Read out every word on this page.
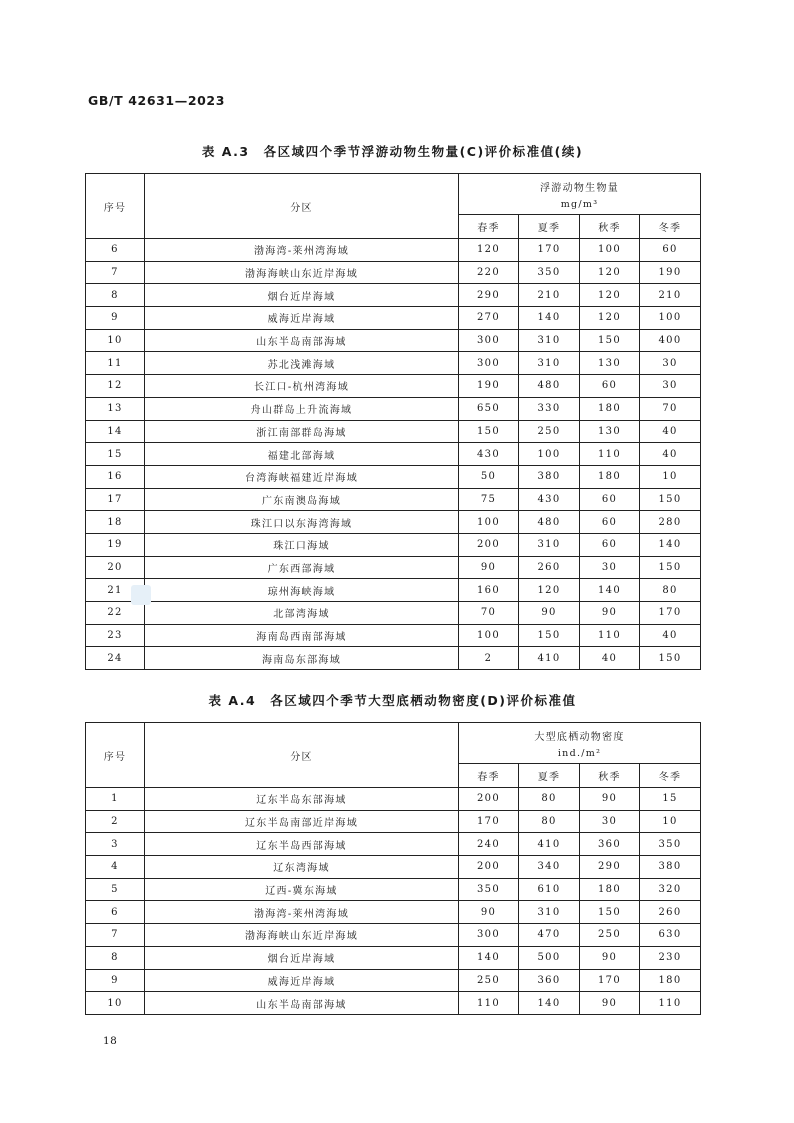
GB/T 42631—2023
表 A.3　各区域四个季节浮游动物生物量(C)评价标准值(续)
序号	分区	浮游动物生物量
mg/m³			

		春季	夏季	秋季	冬季
6	渤海湾-莱州湾海域	120	170	100	60
7	渤海海峡山东近岸海域	220	350	120	190
8	烟台近岸海域	290	210	120	210
9	威海近岸海域	270	140	120	100
10	山东半岛南部海域	300	310	150	400
11	苏北浅滩海域	300	310	130	30
12	长江口-杭州湾海域	190	480	60	30
13	舟山群岛上升流海域	650	330	180	70
14	浙江南部群岛海域	150	250	130	40
15	福建北部海域	430	100	110	40
16	台湾海峡福建近岸海域	50	380	180	10
17	广东南澳岛海域	75	430	60	150
18	珠江口以东海湾海域	100	480	60	280
19	珠江口海域	200	310	60	140
20	广东西部海域	90	260	30	150
21	琼州海峡海域	160	120	140	80
22	北部湾海域	70	90	90	170
23	海南岛西南部海域	100	150	110	40
24	海南岛东部海域	2	410	40	150
表 A.4　各区域四个季节大型底栖动物密度(D)评价标准值
序号	分区	大型底栖动物密度
ind./m²			

		春季	夏季	秋季	冬季
1	辽东半岛东部海域	200	80	90	15
2	辽东半岛南部近岸海域	170	80	30	10
3	辽东半岛西部海域	240	410	360	350
4	辽东湾海域	200	340	290	380
5	辽西-冀东海域	350	610	180	320
6	渤海湾-莱州湾海域	90	310	150	260
7	渤海海峡山东近岸海域	300	470	250	630
8	烟台近岸海域	140	500	90	230
9	威海近岸海域	250	360	170	180
10	山东半岛南部海域	110	140	90	110
18
